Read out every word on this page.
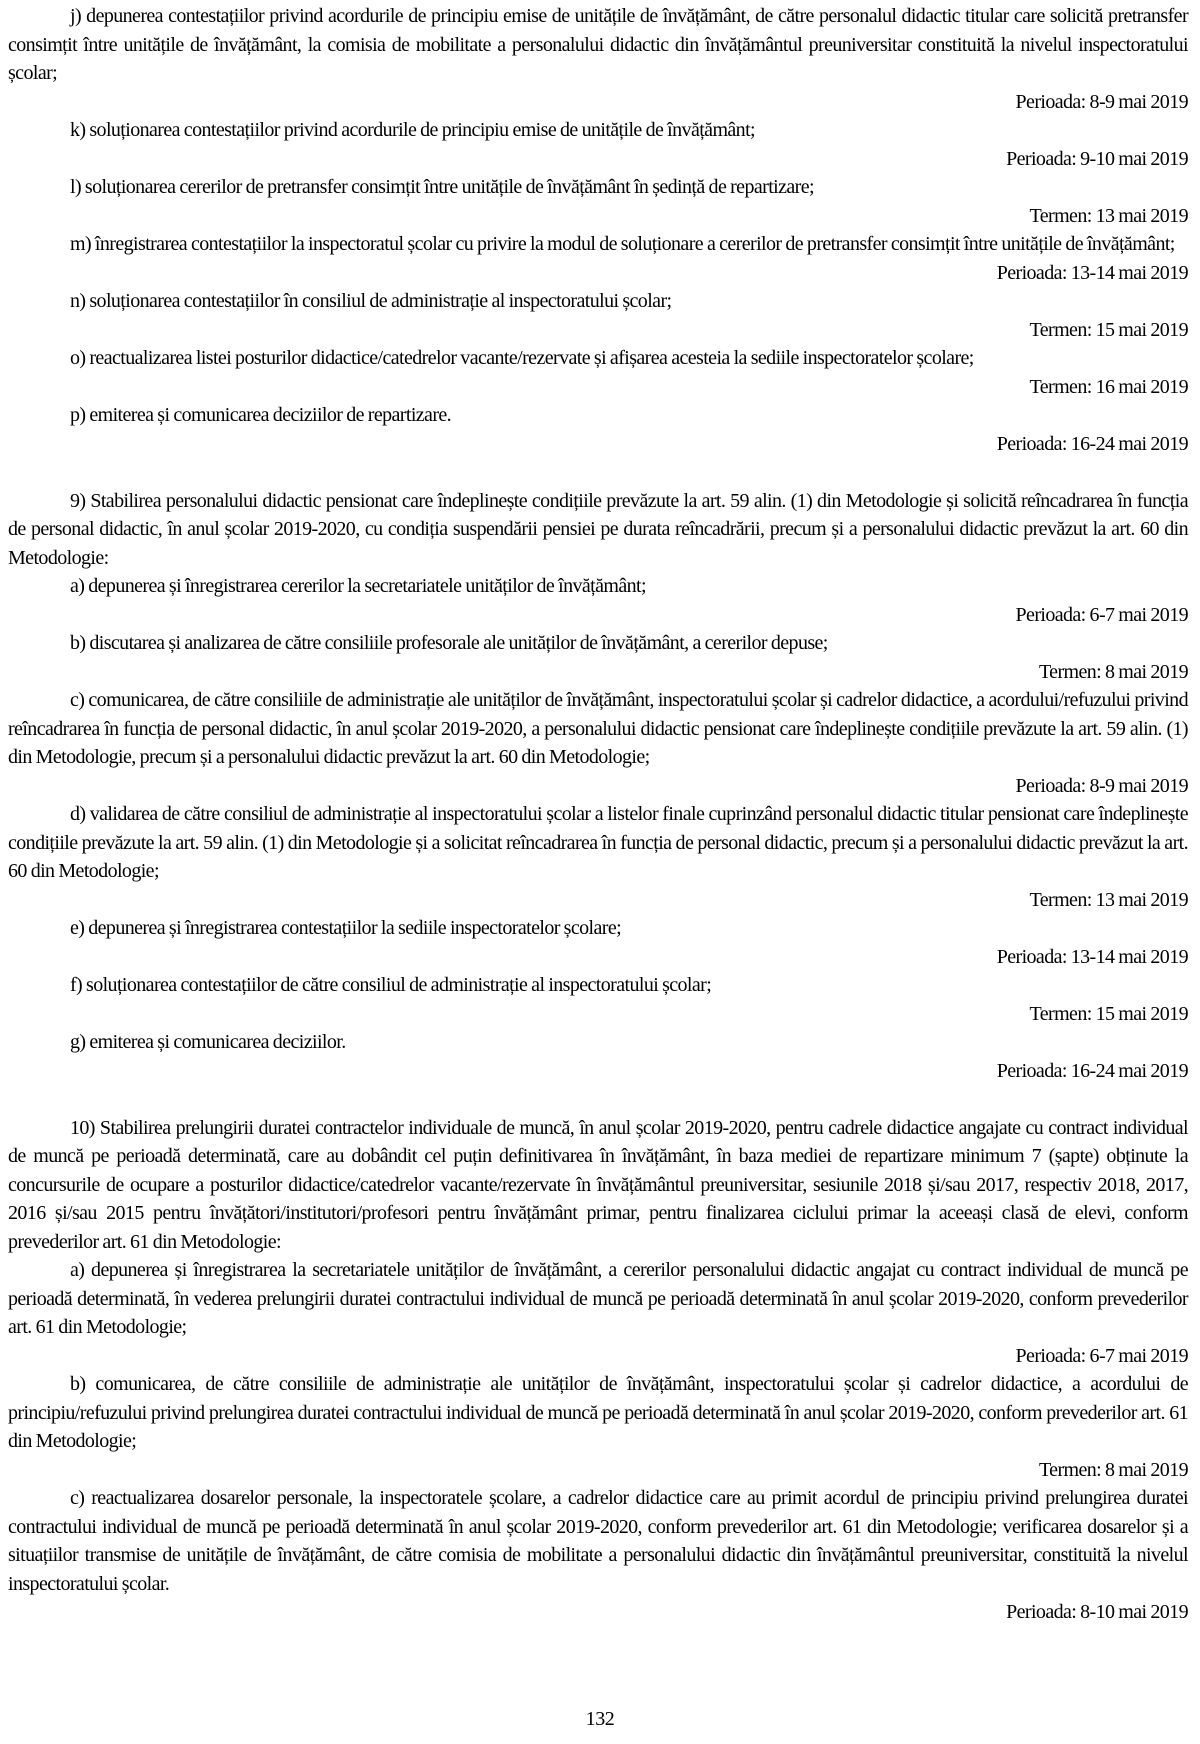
j) depunerea contestațiilor privind acordurile de principiu emise de unitățile de învățământ, de către personalul didactic titular care solicită pretransfer consimțit între unitățile de învățământ, la comisia de mobilitate a personalului didactic din învățământul preuniversitar constituită la nivelul inspectoratului școlar;

Perioada: 8-9 mai 2019

k) soluționarea contestațiilor privind acordurile de principiu emise de unitățile de învățământ;

Perioada: 9-10 mai 2019

l) soluționarea cererilor de pretransfer consimțit între unitățile de învățământ în ședință de repartizare;

Termen: 13 mai 2019

m) înregistrarea contestațiilor la inspectoratul școlar cu privire la modul de soluționare a cererilor de pretransfer consimțit între unitățile de învățământ;

Perioada: 13-14 mai 2019

n) soluționarea contestațiilor în consiliul de administrație al inspectoratului școlar;

Termen: 15 mai 2019

o) reactualizarea listei posturilor didactice/catedrelor vacante/rezervate și afișarea acesteia la sediile inspectoratelor școlare;

Termen: 16 mai 2019

p) emiterea și comunicarea deciziilor de repartizare.

Perioada: 16-24 mai 2019

9) Stabilirea personalului didactic pensionat care îndeplinește condițiile prevăzute la art. 59 alin. (1) din Metodologie și solicită reîncadrarea în funcția de personal didactic, în anul școlar 2019-2020, cu condiția suspendării pensiei pe durata reîncadrării, precum și a personalului didactic prevăzut la art. 60 din Metodologie:

a) depunerea și înregistrarea cererilor la secretariatele unităților de învățământ;

Perioada: 6-7 mai 2019

b) discutarea și analizarea de către consiliile profesorale ale unităților de învățământ, a cererilor depuse;

Termen: 8 mai 2019

c) comunicarea, de către consiliile de administrație ale unităților de învățământ, inspectoratului școlar și cadrelor didactice, a acordului/refuzului privind reîncadrarea în funcția de personal didactic, în anul școlar 2019-2020, a personalului didactic pensionat care îndeplinește condițiile prevăzute la art. 59 alin. (1) din Metodologie, precum și a personalului didactic prevăzut la art. 60 din Metodologie;

Perioada: 8-9 mai 2019

d) validarea de către consiliul de administrație al inspectoratului școlar a listelor finale cuprinzând personalul didactic titular pensionat care îndeplinește condițiile prevăzute la art. 59 alin. (1) din Metodologie și a solicitat reîncadrarea în funcția de personal didactic, precum și a personalului didactic prevăzut la art. 60 din Metodologie;

Termen: 13 mai 2019

e) depunerea și înregistrarea contestațiilor la sediile inspectoratelor școlare;

Perioada: 13-14 mai 2019

f) soluționarea contestațiilor de către consiliul de administrație al inspectoratului școlar;

Termen: 15 mai 2019

g) emiterea și comunicarea deciziilor.

Perioada: 16-24 mai 2019

10) Stabilirea prelungirii duratei contractelor individuale de muncă, în anul școlar 2019-2020, pentru cadrele didactice angajate cu contract individual de muncă pe perioadă determinată, care au dobândit cel puțin definitivarea în învățământ, în baza mediei de repartizare minimum 7 (șapte) obținute la concursurile de ocupare a posturilor didactice/catedrelor vacante/rezervate în învățământul preuniversitar, sesiunile 2018 și/sau 2017, respectiv 2018, 2017, 2016 și/sau 2015 pentru învățători/institutori/profesori pentru învățământ primar, pentru finalizarea ciclului primar la aceeași clasă de elevi, conform prevederilor art. 61 din Metodologie:

a) depunerea și înregistrarea la secretariatele unităților de învățământ, a cererilor personalului didactic angajat cu contract individual de muncă pe perioadă determinată, în vederea prelungirii duratei contractului individual de muncă pe perioadă determinată în anul școlar 2019-2020, conform prevederilor art. 61 din Metodologie;

Perioada: 6-7 mai 2019

b) comunicarea, de către consiliile de administrație ale unităților de învățământ, inspectoratului școlar și cadrelor didactice, a acordului de principiu/refuzului privind prelungirea duratei contractului individual de muncă pe perioadă determinată în anul școlar 2019-2020, conform prevederilor art. 61 din Metodologie;

Termen: 8 mai 2019

c) reactualizarea dosarelor personale, la inspectoratele școlare, a cadrelor didactice care au primit acordul de principiu privind prelungirea duratei contractului individual de muncă pe perioadă determinată în anul școlar 2019-2020, conform prevederilor art. 61 din Metodologie; verificarea dosarelor și a situațiilor transmise de unitățile de învățământ, de către comisia de mobilitate a personalului didactic din învățământul preuniversitar, constituită la nivelul inspectoratului școlar.

Perioada: 8-10 mai 2019

132
